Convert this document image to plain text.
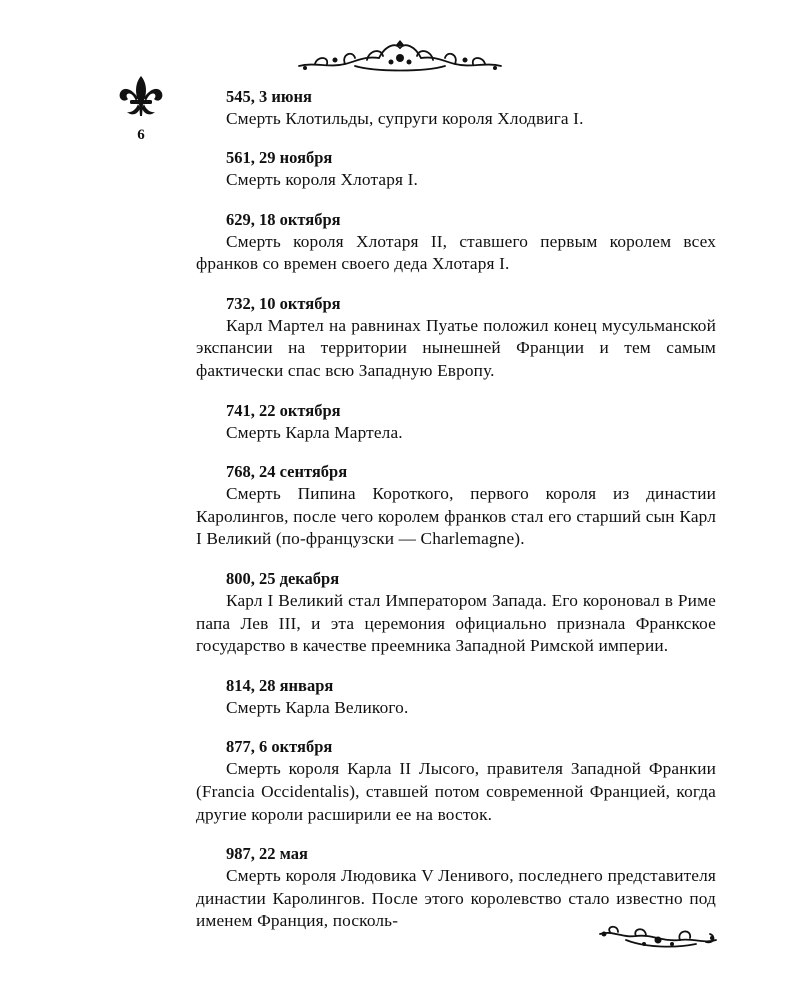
6

545, 3 июня

Смерть Клотильды, супруги короля Хлодвига I.

561, 29 ноября

Смерть короля Хлотаря I.

629, 18 октября

Смерть короля Хлотаря II, ставшего первым королем всех франков со времен своего деда Хлотаря I.

732, 10 октября

Карл Мартел на равнинах Пуатье положил конец мусульманской экспансии на территории нынешней Франции и тем самым фактически спас всю Западную Европу.

741, 22 октября

Смерть Карла Мартела.

768, 24 сентября

Смерть Пипина Короткого, первого короля из династии Каролингов, после чего королем франков стал его старший сын Карл I Великий (по-французски — Charlemagne).

800, 25 декабря

Карл I Великий стал Императором Запада. Его короновал в Риме папа Лев III, и эта церемония официально признала Франкское государство в качестве преемника Западной Римской империи.

814, 28 января

Смерть Карла Великого.

877, 6 октября

Смерть короля Карла II Лысого, правителя Западной Франкии (Francia Occidentalis), ставшей потом современной Францией, когда другие короли расширили ее на восток.

987, 22 мая

Смерть короля Людовика V Ленивого, последнего представителя династии Каролингов. После этого королевство стало известно под именем Франция, посколь-
